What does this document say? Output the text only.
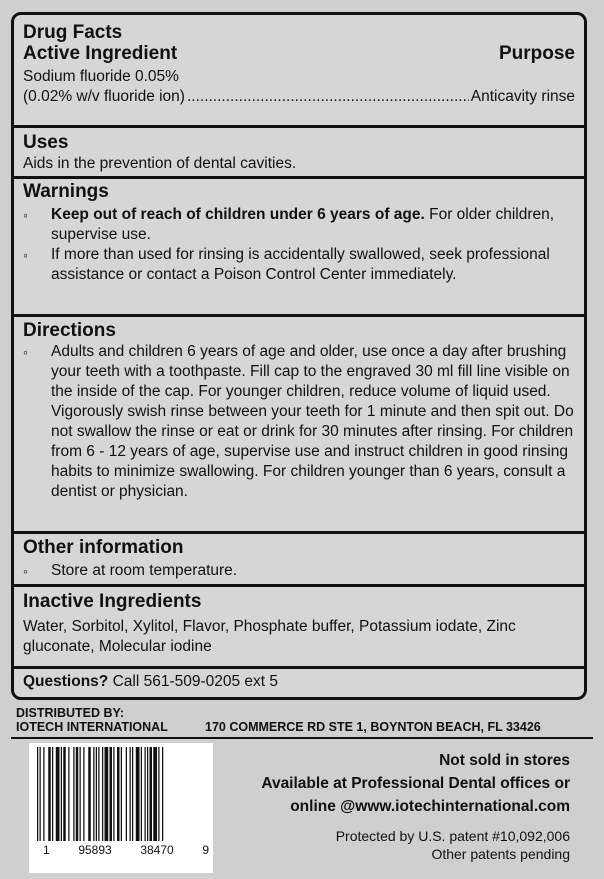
Drug Facts
Active Ingredient	Purpose
Sodium fluoride 0.05%
(0.02% w/v fluoride ion)
.....	Anticavity rinse
Uses
Aids in the prevention of dental cavities.
Warnings
◦	Keep out of reach of children under 6 years of age. For older children, supervise use.
◦	If more than used for rinsing is accidentally swallowed, seek professional assistance or contact a Poison Control Center immediately.
Directions
◦	Adults and children 6 years of age and older, use once a day after brushing your teeth with a toothpaste. Fill cap to the engraved 30 ml fill line visible on the inside of the cap. For younger children, reduce volume of liquid used. Vigorously swish rinse between your teeth for 1 minute and then spit out. Do not swallow the rinse or eat or drink for 30 minutes after rinsing. For children from 6 - 12 years of age, supervise use and instruct children in good rinsing habits to minimize swallowing. For children younger than 6 years, consult a dentist or physician.
Other information
◦	Store at room temperature.
Inactive Ingredients
Water, Sorbitol, Xylitol, Flavor, Phosphate buffer, Potassium iodate, Zinc gluconate, Molecular iodine
Questions? Call 561-509-0205 ext 5
DISTRIBUTED BY:
IOTECH INTERNATIONAL	170 COMMERCE RD STE 1, BOYNTON BEACH, FL 33426
1 95893 38470 9
Not sold in stores
Available at Professional Dental offices or
online @www.iotechinternational.com
Protected by U.S. patent #10,092,006
Other patents pending
